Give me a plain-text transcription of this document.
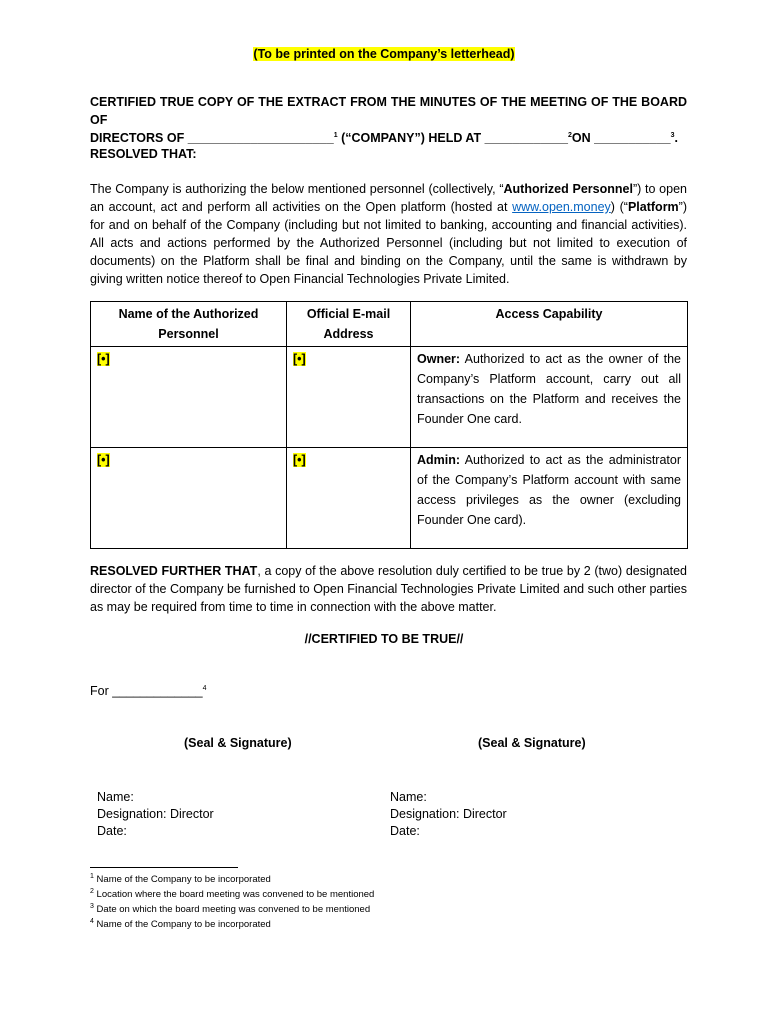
(To be printed on the Company’s letterhead)
CERTIFIED TRUE COPY OF THE EXTRACT FROM THE MINUTES OF THE MEETING OF THE BOARD OF
DIRECTORS OF _____________________$^1$ (“COMPANY”) HELD AT ____________$^2$ON ___________$^3$.
RESOLVED THAT:
The Company is authorizing the below mentioned personnel (collectively, “Authorized Personnel”) to open an account, act and perform all activities on the Open platform (hosted at www.open.money) (“Platform”) for and on behalf of the Company (including but not limited to banking, accounting and financial activities). All acts and actions performed by the Authorized Personnel (including but not limited to execution of documents) on the Platform shall be final and binding on the Company, until the same is withdrawn by giving written notice thereof to Open Financial Technologies Private Limited.
Name of the Authorized Personnel	Official E-mail Address	Access Capability
[•]	[•]	Owner: Authorized to act as the owner of the Company’s Platform account, carry out all transactions on the Platform and receives the Founder One card.
[•]	[•]	Admin: Authorized to act as the administrator of the Company’s Platform account with same access privileges as the owner (excluding Founder One card).
RESOLVED FURTHER THAT, a copy of the above resolution duly certified to be true by 2 (two) designated director of the Company be furnished to Open Financial Technologies Private Limited and such other parties as may be required from time to time in connection with the above matter.
//CERTIFIED TO BE TRUE//
For _____________$^4$
(Seal & Signature)	(Seal & Signature)
Name:
Designation: Director
Date:
Name:
Designation: Director
Date:
$^1$ Name of the Company to be incorporated
$^2$ Location where the board meeting was convened to be mentioned
$^3$ Date on which the board meeting was convened to be mentioned
$^4$ Name of the Company to be incorporated
